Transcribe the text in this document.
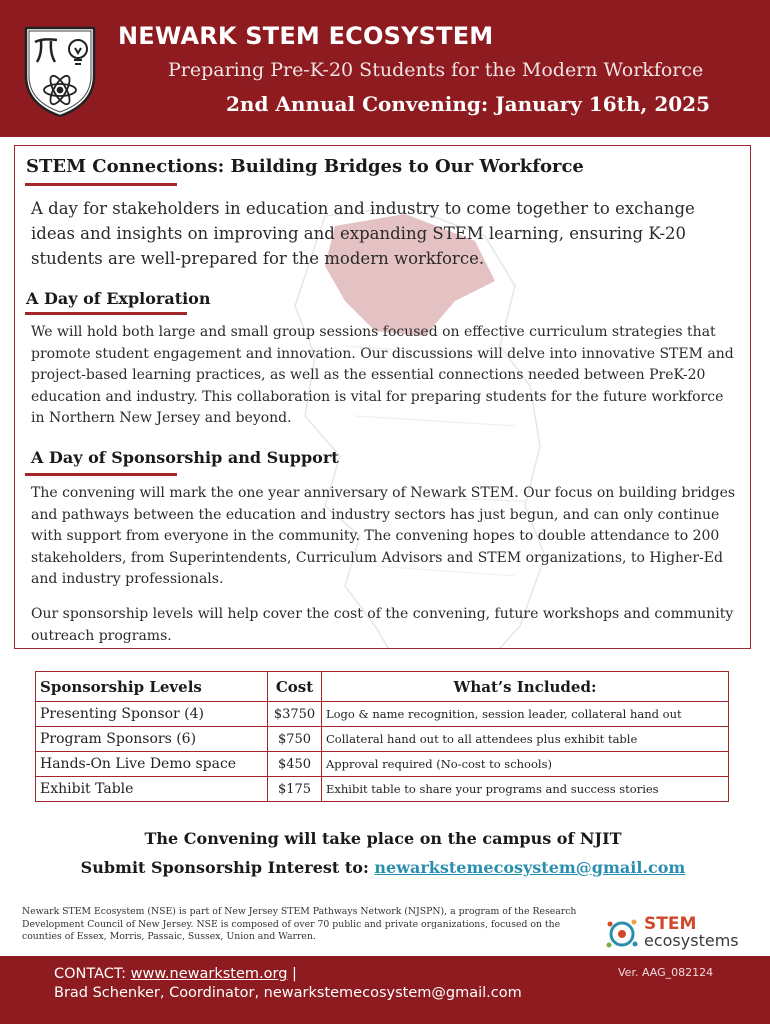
NEWARK STEM ECOSYSTEM
Preparing Pre-K-20 Students for the Modern Workforce
2nd Annual Convening: January 16th, 2025
STEM Connections: Building Bridges to Our Workforce
A day for stakeholders in education and industry to come together to exchange ideas and insights on improving and expanding STEM learning, ensuring K-20 students are well-prepared for the modern workforce.
A Day of Exploration
We will hold both large and small group sessions focused on effective curriculum strategies that promote student engagement and innovation. Our discussions will delve into innovative STEM and project-based learning practices, as well as the essential connections needed between PreK-20 education and industry. This collaboration is vital for preparing students for the future workforce in Northern New Jersey and beyond.
A Day of Sponsorship and Support
The convening will mark the one year anniversary of Newark STEM. Our focus on building bridges and pathways between the education and industry sectors has just begun, and can only continue with support from everyone in the community. The convening hopes to double attendance to 200 stakeholders, from Superintendents, Curriculum Advisors and STEM organizations, to Higher-Ed and industry professionals.
Our sponsorship levels will help cover the cost of the convening, future workshops and community outreach programs.
Sponsorship Levels	Cost	What’s Included:
Presenting Sponsor (4)	$3750	Logo & name recognition, session leader, collateral hand out
Program Sponsors (6)	$750	Collateral hand out to all attendees plus exhibit table
Hands-On Live Demo space	$450	Approval required (No-cost to schools)
Exhibit Table	$175	Exhibit table to share your programs and success stories
The Convening will take place on the campus of NJIT
Submit Sponsorship Interest to: newarkstemecosystem@gmail.com
Newark STEM Ecosystem (NSE) is part of New Jersey STEM Pathways Network (NJSPN), a program of the Research Development Council of New Jersey. NSE is composed of over 70 public and private organizations, focused on the counties of Essex, Morris, Passaic, Sussex, Union and Warren.
STEM
ecosystems
CONTACT: www.newarkstem.org |
Brad Schenker, Coordinator, newarkstemecosystem@gmail.com
Ver. AAG_082124
